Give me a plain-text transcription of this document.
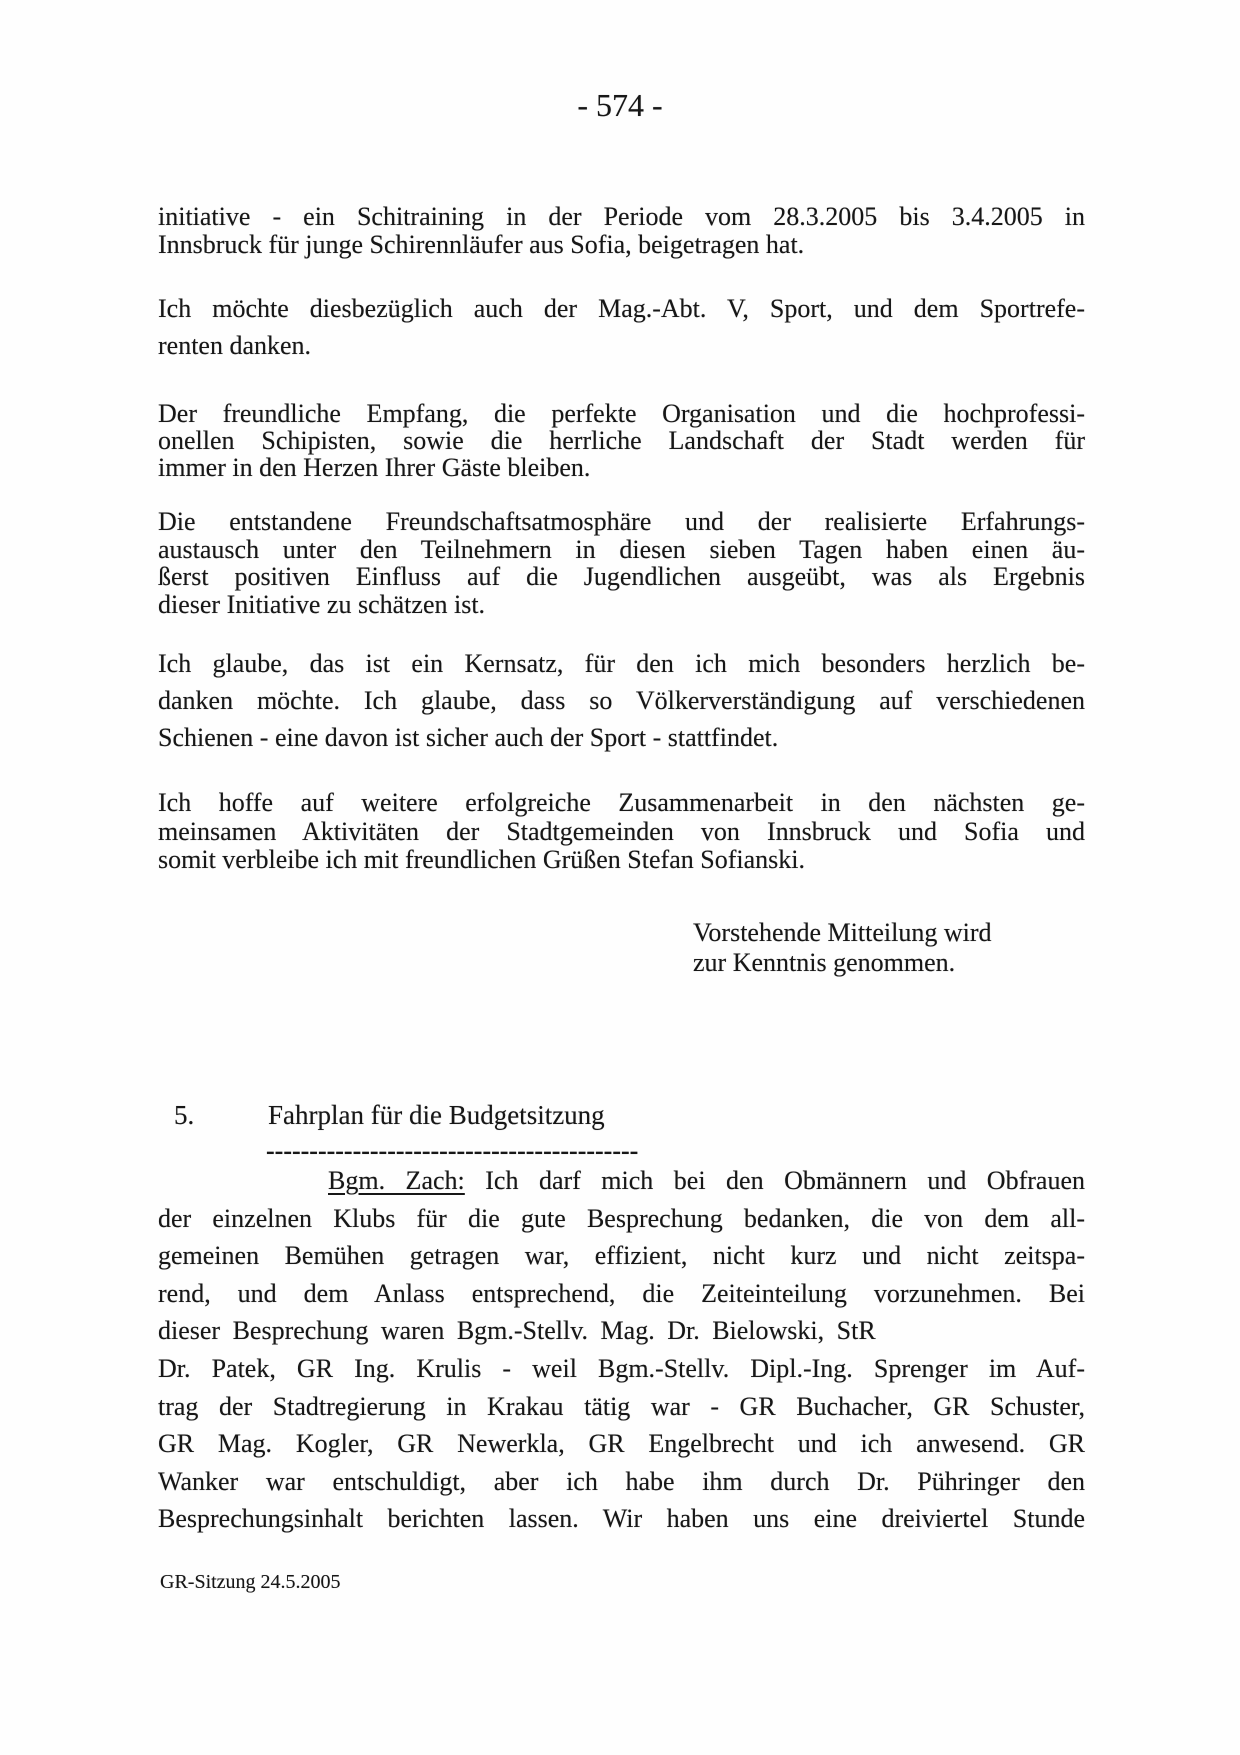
- 574 -
initiative - ein Schitraining in der Periode vom 28.3.2005 bis 3.4.2005 in
Innsbruck für junge Schirennläufer aus Sofia, beigetragen hat.
Ich möchte diesbezüglich auch der Mag.-Abt. V, Sport, und dem Sportrefe-
renten danken.
Der freundliche Empfang, die perfekte Organisation und die hochprofessi-
onellen Schipisten, sowie die herrliche Landschaft der Stadt werden für
immer in den Herzen Ihrer Gäste bleiben.
Die entstandene Freundschaftsatmosphäre und der realisierte Erfahrungs-
austausch unter den Teilnehmern in diesen sieben Tagen haben einen äu-
ßerst positiven Einfluss auf die Jugendlichen ausgeübt, was als Ergebnis
dieser Initiative zu schätzen ist.
Ich glaube, das ist ein Kernsatz, für den ich mich besonders herzlich be-
danken möchte. Ich glaube, dass so Völkerverständigung auf verschiedenen
Schienen - eine davon ist sicher auch der Sport - stattfindet.
Ich hoffe auf weitere erfolgreiche Zusammenarbeit in den nächsten ge-
meinsamen Aktivitäten der Stadtgemeinden von Innsbruck und Sofia und
somit verbleibe ich mit freundlichen Grüßen Stefan Sofianski.
Vorstehende Mitteilung wird
zur Kenntnis genommen.
5.	Fahrplan für die Budgetsitzung
-------------------------------------------
Bgm. Zach: Ich darf mich bei den Obmännern und Obfrauen
der einzelnen Klubs für die gute Besprechung bedanken, die von dem all-
gemeinen Bemühen getragen war, effizient, nicht kurz und nicht zeitspa-
rend, und dem Anlass entsprechend, die Zeiteinteilung vorzunehmen. Bei
dieser Besprechung waren Bgm.-Stellv. Mag. Dr. Bielowski, StR
Dr. Patek, GR Ing. Krulis - weil Bgm.-Stellv. Dipl.-Ing. Sprenger im Auf-
trag der Stadtregierung in Krakau tätig war - GR Buchacher, GR Schuster,
GR Mag. Kogler, GR Newerkla, GR Engelbrecht und ich anwesend. GR
Wanker war entschuldigt, aber ich habe ihm durch Dr. Pühringer den
Besprechungsinhalt berichten lassen. Wir haben uns eine dreiviertel Stunde
GR-Sitzung 24.5.2005
